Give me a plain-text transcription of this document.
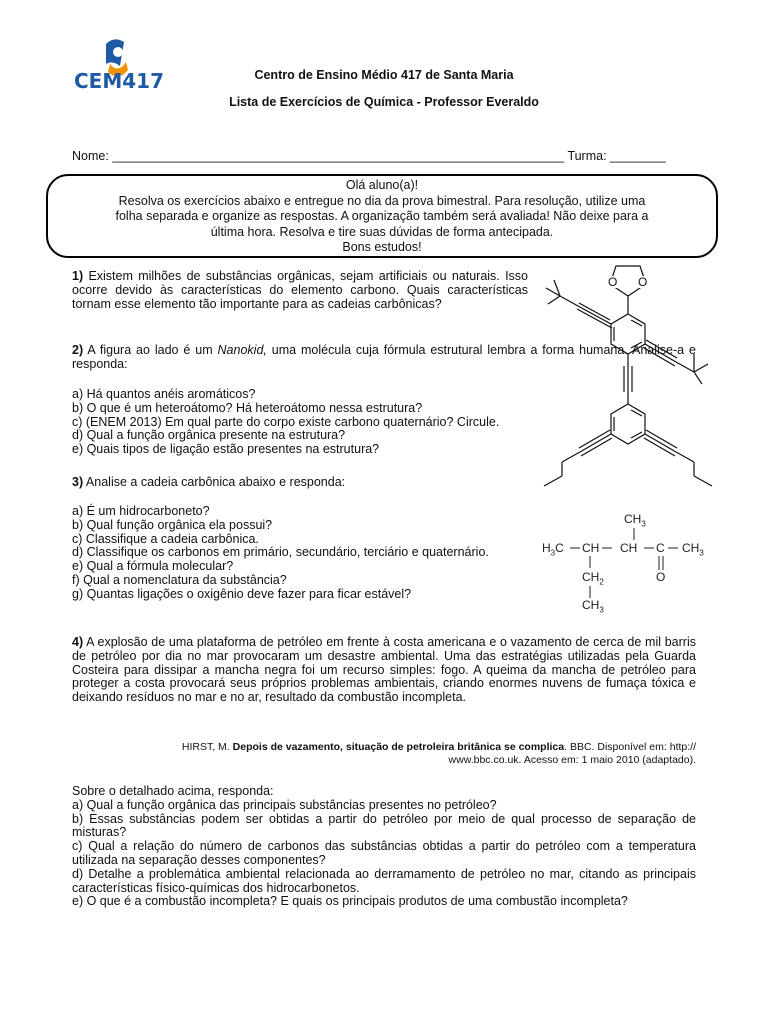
CEM417	Centro de Ensino Médio 417 de Santa Maria
Lista de Exercícios de Química - Professor Everaldo
Nome: _________________________________________________________________ Turma: ________
Olá aluno(a)!
Resolva os exercícios abaixo e entregue no dia da prova bimestral. Para resolução, utilize uma
folha separada e organize as respostas. A organização também será avaliada! Não deixe para a
última hora. Resolva e tire suas dúvidas de forma antecipada.
Bons estudos!
1) Existem milhões de substâncias orgânicas, sejam artificiais ou naturais. Isso ocorre devido às características do elemento carbono. Quais características tornam esse elemento tão importante para as cadeias carbônicas?
2) A figura ao lado é um Nanokid, uma molécula cuja fórmula estrutural lembra a forma humana. Analise-a e responda:
a) Há quantos anéis aromáticos?
b) O que é um heteroátomo? Há heteroátomo nessa estrutura?
c) (ENEM 2013) Em qual parte do corpo existe carbono quaternário? Circule.
d) Qual a função orgânica presente na estrutura?
e) Quais tipos de ligação estão presentes na estrutura?
O O
3) Analise a cadeia carbônica abaixo e responda:
a) É um hidrocarboneto?
b) Qual função orgânica ela possui?
c) Classifique a cadeia carbônica.
d) Classifique os carbonos em primário, secundário, terciário e quaternário.
e) Qual a fórmula molecular?
f) Qual a nomenclatura da substância?
g) Quantas ligações o oxigênio deve fazer para ficar estável?
$CH_3$
$H_3C$ CH CH C $CH_3$
$CH_2$
$CH_3$
O
4) A explosão de uma plataforma de petróleo em frente à costa americana e o vazamento de cerca de mil barris de petróleo por dia no mar provocaram um desastre ambiental. Uma das estratégias utilizadas pela Guarda Costeira para dissipar a mancha negra foi um recurso simples: fogo. A queima da mancha de petróleo para proteger a costa provocará seus próprios problemas ambientais, criando enormes nuvens de fumaça tóxica e deixando resíduos no mar e no ar, resultado da combustão incompleta.
HIRST, M. Depois de vazamento, situação de petroleira britânica se complica. BBC. Disponível em: http://
www.bbc.co.uk. Acesso em: 1 maio 2010 (adaptado).
Sobre o detalhado acima, responda:
a) Qual a função orgânica das principais substâncias presentes no petróleo?
b) Essas substâncias podem ser obtidas a partir do petróleo por meio de qual processo de separação de misturas?
c) Qual a relação do número de carbonos das substâncias obtidas a partir do petróleo com a temperatura utilizada na separação desses componentes?
d) Detalhe a problemática ambiental relacionada ao derramamento de petróleo no mar, citando as principais características físico-químicas dos hidrocarbonetos.
e) O que é a combustão incompleta? E quais os principais produtos de uma combustão incompleta?
